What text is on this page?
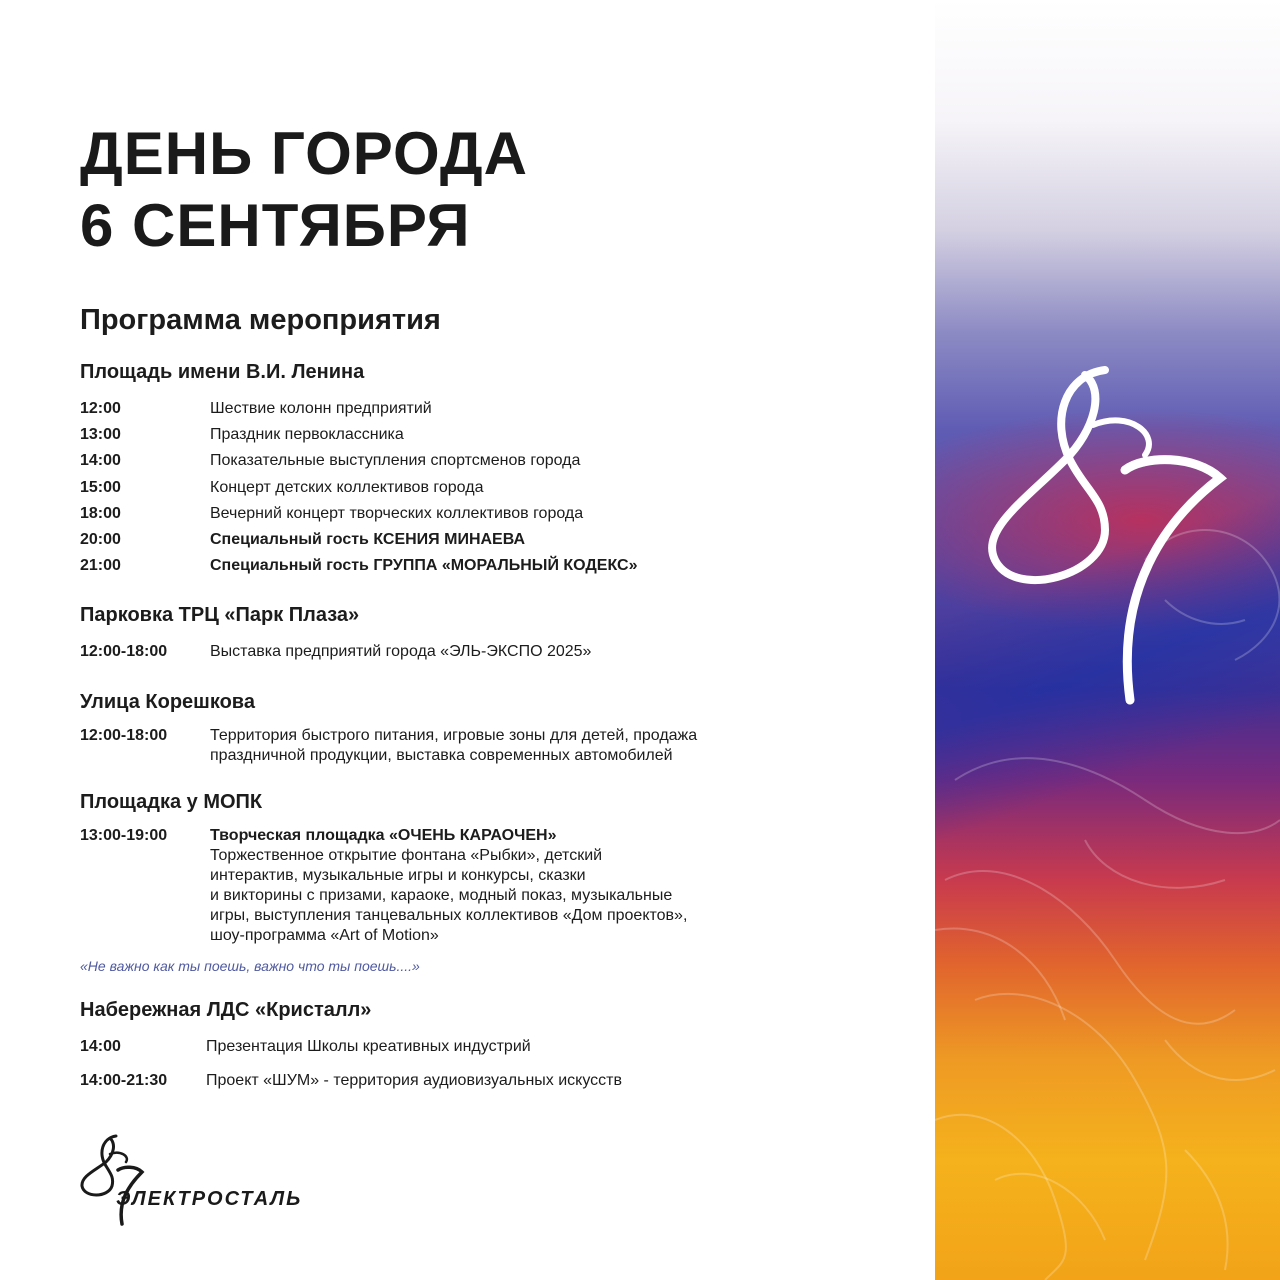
ДЕНЬ ГОРОДА
6 СЕНТЯБРЯ
Программа мероприятия
Площадь имени В.И. Ленина
12:00	Шествие колонн предприятий
13:00	Праздник первоклассника
14:00	Показательные выступления спортсменов города
15:00	Концерт детских коллективов города
18:00	Вечерний концерт творческих коллективов города
20:00	Специальный гость КСЕНИЯ МИНАЕВА
21:00	Специальный гость ГРУППА «МОРАЛЬНЫЙ КОДЕКС»
Парковка ТРЦ «Парк Плаза»
12:00-18:00	Выставка предприятий города «ЭЛЬ-ЭКСПО 2025»
Улица Корешкова
12:00-18:00	Территория быстрого питания, игровые зоны для детей, продажа
праздничной продукции, выставка современных автомобилей
Площадка у МОПК
13:00-19:00	Творческая площадка «ОЧЕНЬ КАРАОЧЕН»
Торжественное открытие фонтана «Рыбки», детский
интерактив, музыкальные игры и конкурсы, сказки
и викторины с призами, караоке, модный показ, музыкальные
игры, выступления танцевальных коллективов «Дом проектов»,
шоу-программа «Art of Motion»
«Не важно как ты поешь, важно что ты поешь....»
Набережная ЛДС «Кристалл»
14:00	Презентация Школы креативных индустрий
14:00-21:30	Проект «ШУМ» - территория аудиовизуальных искусств
ЭЛЕКТРОСТАЛЬ
